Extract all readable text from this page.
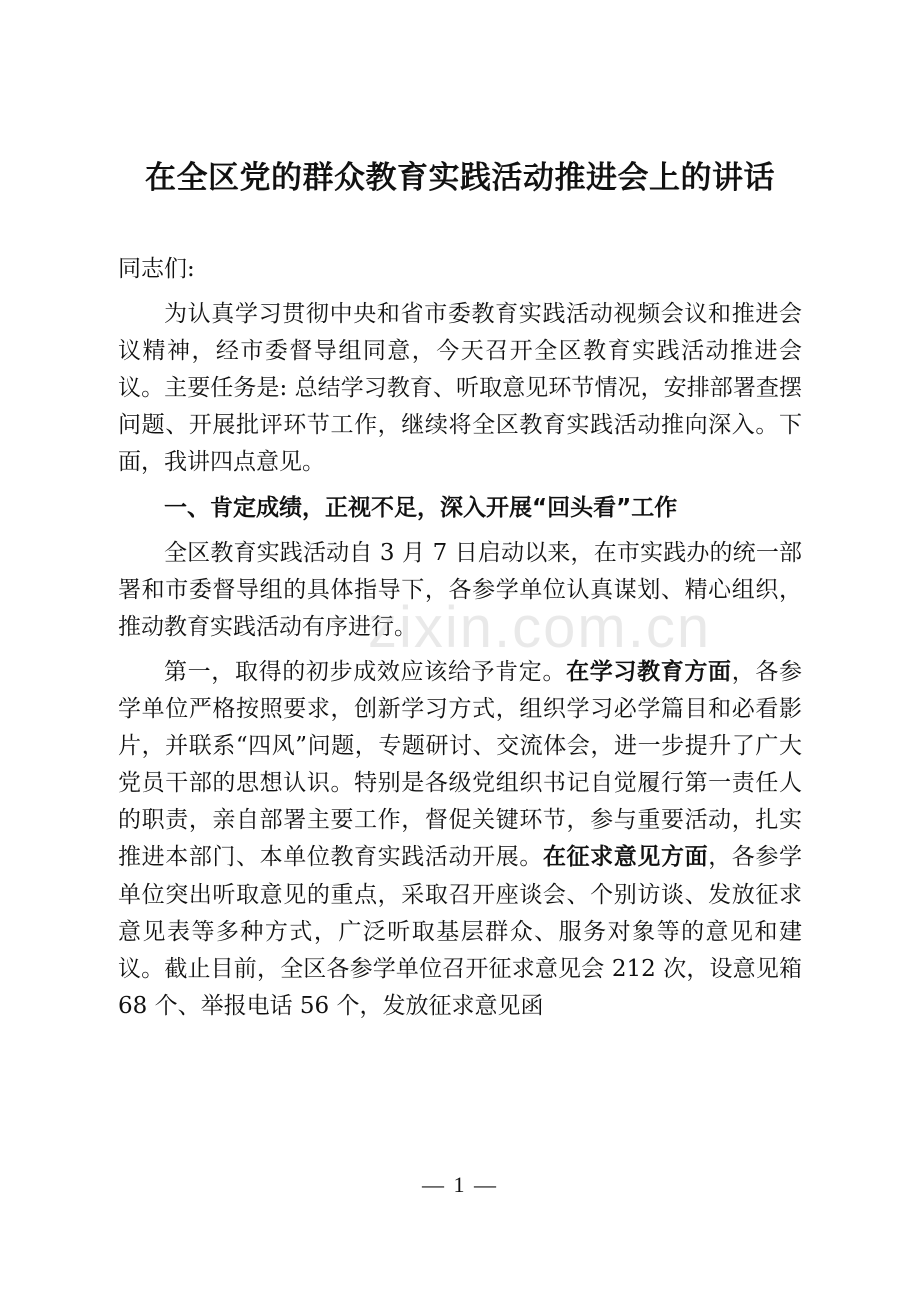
在全区党的群众教育实践活动推进会上的讲话

同志们:

为认真学习贯彻中央和省市委教育实践活动视频会议和推进会议精神，经市委督导组同意，今天召开全区教育实践活动推进会议。主要任务是: 总结学习教育、听取意见环节情况，安排部署查摆问题、开展批评环节工作，继续将全区教育实践活动推向深入。下面，我讲四点意见。

一、肯定成绩，正视不足，深入开展“回头看”工作

全区教育实践活动自 3 月 7 日启动以来，在市实践办的统一部署和市委督导组的具体指导下，各参学单位认真谋划、精心组织，推动教育实践活动有序进行。

第一，取得的初步成效应该给予肯定。在学习教育方面，各参学单位严格按照要求，创新学习方式，组织学习必学篇目和必看影片，并联系“四风”问题，专题研讨、交流体会，进一步提升了广大党员干部的思想认识。特别是各级党组织书记自觉履行第一责任人的职责，亲自部署主要工作，督促关键环节，参与重要活动，扎实推进本部门、本单位教育实践活动开展。在征求意见方面，各参学单位突出听取意见的重点，采取召开座谈会、个别访谈、发放征求意见表等多种方式，广泛听取基层群众、服务对象等的意见和建议。截止目前，全区各参学单位召开征求意见会 212 次，设意见箱 68 个、举报电话 56 个，发放征求意见函

zixin.com.cn
— 1 —
